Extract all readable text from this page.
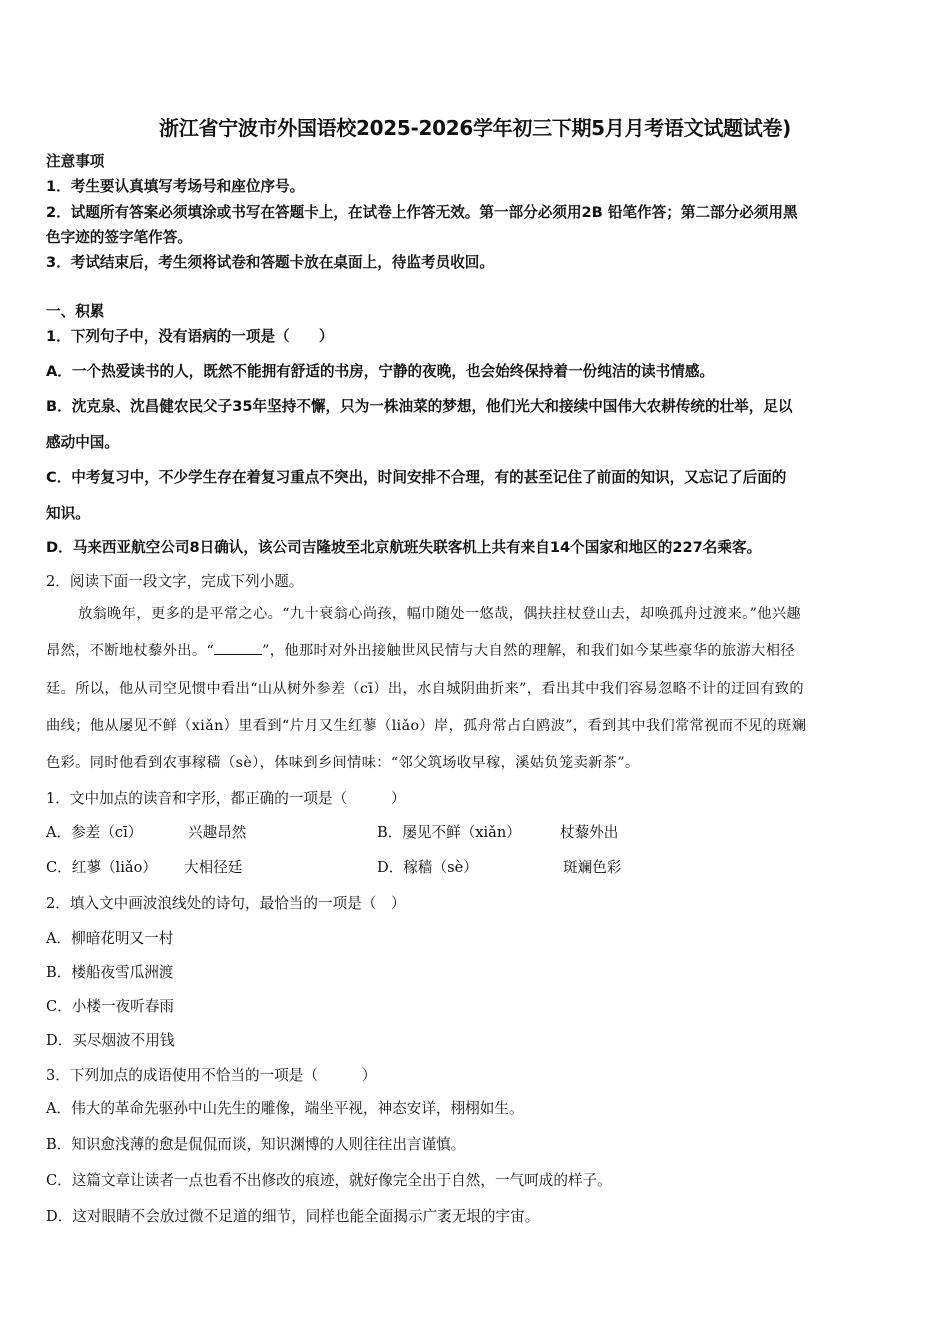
浙江省宁波市外国语校2025-2026学年初三下期5月月考语文试题试卷)
注意事项
1．考生要认真填写考场号和座位序号。
2．试题所有答案必须填涂或书写在答题卡上，在试卷上作答无效。第一部分必须用2B 铅笔作答；第二部分必须用黑
色字迹的签字笔作答。
3．考试结束后，考生须将试卷和答题卡放在桌面上，待监考员收回。
一、积累
1．下列句子中，没有语病的一项是（　　）
A．一个热爱读书的人，既然不能拥有舒适的书房，宁静的夜晚，也会始终保持着一份纯洁的读书情感。
B．沈克泉、沈昌健农民父子35年坚持不懈，只为一株油菜的梦想，他们光大和接续中国伟大农耕传统的壮举，足以
感动中国。
C．中考复习中，不少学生存在着复习重点不突出，时间安排不合理，有的甚至记住了前面的知识，又忘记了后面的
知识。
D．马来西亚航空公司8日确认，该公司吉隆坡至北京航班失联客机上共有来自14个国家和地区的227名乘客。
2．阅读下面一段文字，完成下列小题。
放翁晚年，更多的是平常之心。“九十衰翁心尚孩，幅巾随处一悠哉，偶扶拄杖登山去，却唤孤舟过渡来。”他兴趣
昂然，不断地杖藜外出。“	”，他那时对外出接触世风民情与大自然的理解，和我们如今某些豪华的旅游大相径
廷。所以，他从司空见惯中看出“山从树外参差（cī）出，水自城阴曲折来”，看出其中我们容易忽略不计的迂回有致的
曲线；他从屡见不鲜（xiǎn）里看到“片月又生红蓼（liǎo）岸，孤舟常占白鸥波”，看到其中我们常常视而不见的斑斓
色彩。同时他看到农事稼穑（sè），体味到乡间情味：“邻父筑场收早稼，溪姑负笼卖新茶”。
1．文中加点的读音和字形，都正确的一项是（　　　）
A．参差（cī）	兴趣昂然	B．屡见不鲜（xiǎn）	杖藜外出
C．红蓼（liǎo） 大相径廷	D．稼穑（sè）	斑斓色彩
2．填入文中画波浪线处的诗句，最恰当的一项是（　）
A．柳暗花明又一村
B．楼船夜雪瓜洲渡
C．小楼一夜听春雨
D．买尽烟波不用钱
3．下列加点的成语使用不恰当的一项是（　　　）
A．伟大的革命先驱孙中山先生的雕像，端坐平视，神态安详，栩栩如生。
B．知识愈浅薄的愈是侃侃而谈，知识渊博的人则往往出言谨慎。
C．这篇文章让读者一点也看不出修改的痕迹，就好像完全出于自然，一气呵成的样子。
D．这对眼睛不会放过微不足道的细节，同样也能全面揭示广袤无垠的宇宙。
